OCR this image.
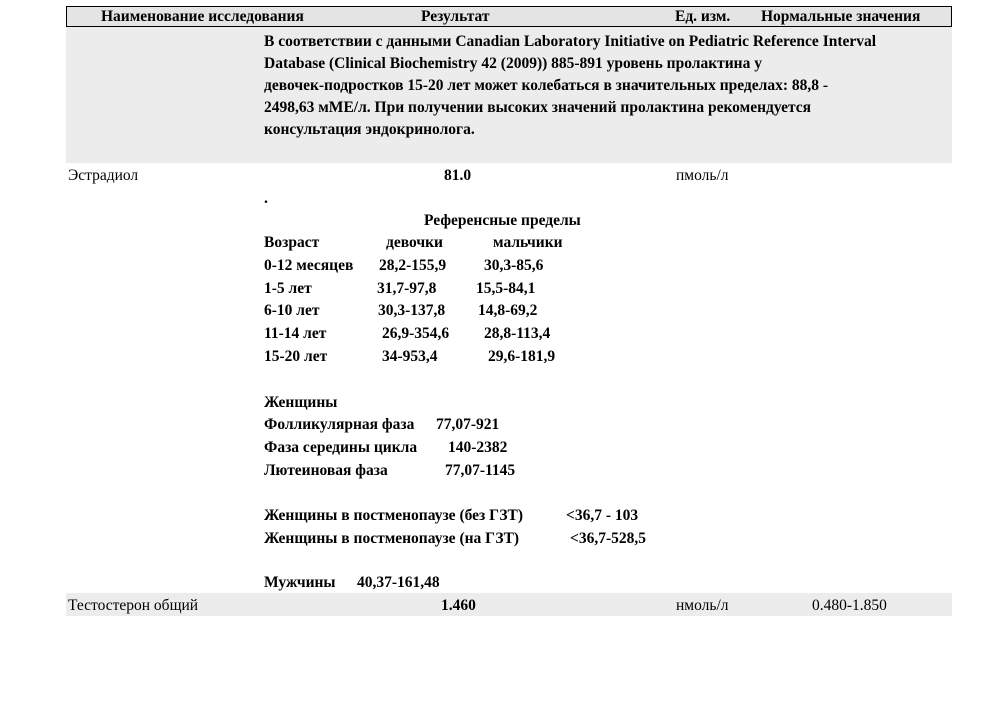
Наименование исследования	Результат	Ед. изм. Нормальные значения
В соответствии с данными Canadian Laboratory Initiative on Pediatric Reference Interval
Database (Clinical Biochemistry 42 (2009)) 885-891 уровень пролактина у
девочек-подростков 15-20 лет может колебаться в значительных пределах: 88,8 -
2498,63 мМЕ/л. При получении высоких значений пролактина рекомендуется
консультация эндокринолога.
Эстрадиол	81.0	пмоль/л
.
Референсные пределы
Возраст	девочки	мальчики
0-12 месяцев 28,2-155,9 30,3-85,6
1-5 лет	31,7-97,8	15,5-84,1
6-10 лет	30,3-137,8 14,8-69,2
11-14 лет	26,9-354,6 28,8-113,4
15-20 лет	34-953,4	29,6-181,9
Женщины
Фолликулярная фаза 77,07-921
Фаза середины цикла 140-2382
Лютеиновая фаза	77,07-1145
Женщины в постменопаузе (без ГЗТ)	<36,7 - 103
Женщины в постменопаузе (на ГЗТ)	<36,7-528,5
Мужчины 40,37-161,48
Тестостерон общий	1.460	нмоль/л	0.480-1.850
